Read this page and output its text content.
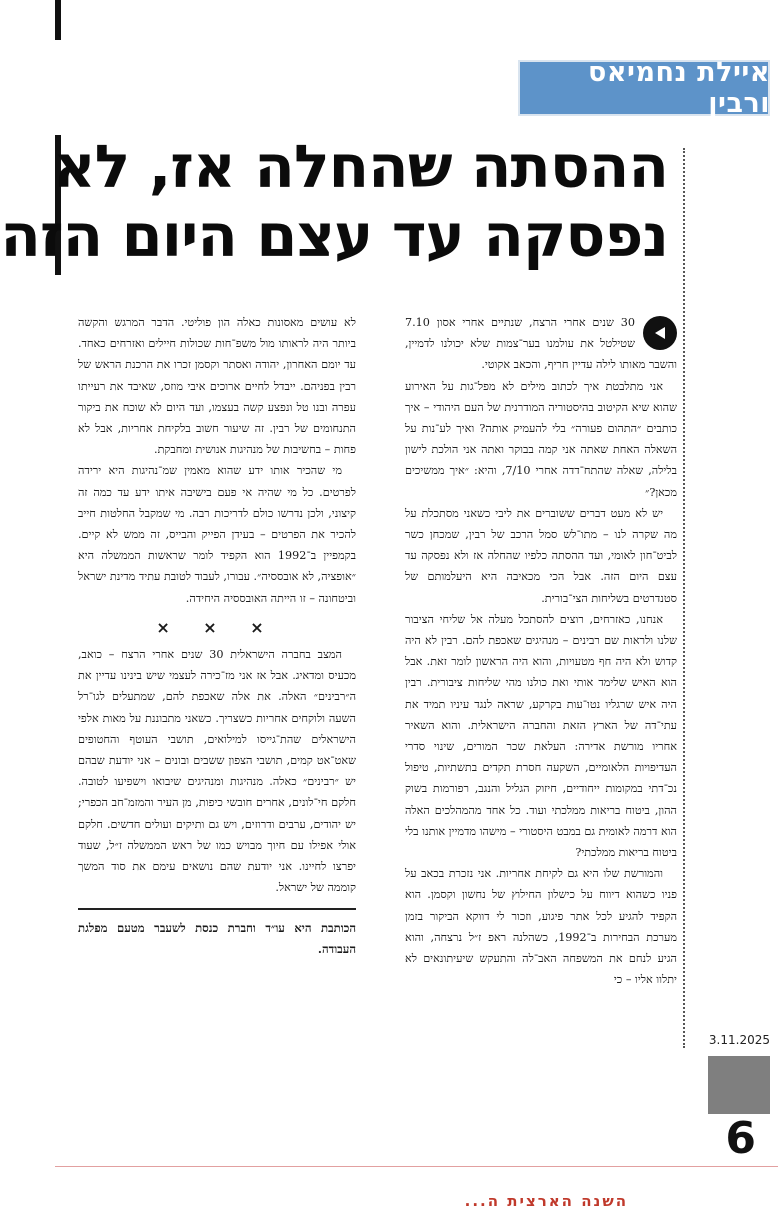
איילת נחמיאס ורבין
ההסתה שהחלה אז, לא
נפסקה עד עצם היום הזה

30 שנים אחרי הרצח, שנתיים אחרי אסון 7.10 שטילטל את עולמנו בער־צמות שלא יכולנו לדמיין, והשבר מאותו לילה עדיין חריף, והכאב אקוטי.

אני מתלבטת איך לכתוב מילים לא מפל־גות על האירוע שהוא שיא הקיטוב בהיסטוריה המודרנית של העם היהודי – איך כותבים ״התהום פעורה״ בלי להעמיק אותה? ואיך לע־נות על השאלה האחת שאתה אני קמה בבוקר ואתה אני הולכת לישון בלילה, שאלה שהתח־דדה אחרי 7/10, והיא: ״איך ממשיכים מכאן?״

יש לא מעט דברים ששוברים את ליבי כשאני מסתכלת על מה שקרה לנו – מתו־לש סמל הרכב של רבין, שמכחן כשר לביט־חון לאומי, ועד ההסתה כלפיו שהחלה אז ולא נפסקה עד עצם היום הזה. אבל הכי מכאיבה היא היעלמותם של סטנדרטים בשליחות הצי־בורית.

אנחנו, כאזרחים, רוצים להסתכל מעלה אל שליחי הציבור שלנו ולראות שם רבינים – מנהיגים שאכפת להם. רבין לא היה קדוש ולא היה חף מטעויות, והוא היה הראשון לומר זאת. אבל הוא האיש שלימד אותי ואת כולנו מהי שליחות ציבורית. רבין היה איש שרגליו נטו־עות בקרקע, שראה לנגד עיניו תמיד את עתי־דה של הארץ הזאת והחברה הישראלית. והוא השאיר אחריו מורשת אדירה: העלאת שכר המורים, שינוי סדרי העדיפויות הלאומיים, השקעה חסרת תקדים בתשתיות, טיפול נכ־דתי במקומות ייחודיים, חיזוק הגליל והנגב, רפורמות בשוק ההון, ביטוח בריאות ממלכתי ועוד. כל אחד מהמהלכים האלה הוא דרמה לאומית גם במבט היסטורי – מישהו מדמיין אותנו בלי ביטוח בריאות ממלכתי?

והמורשת שלו היא גם לקיחת אחריות. אני נזכרת בכאב על פניו כשהוא דיווח על כישלון החילוץ של נחשון וקסמן. הוא הקפיד להגיע לכל אתר פיגוע, וזכור לי דווקא הביקור בזמן מערכת הבחירות ב־1992, כשהלנה ראפ ז״ל נרצחה, והוא הגיע לנחם את המשפחה האב־לה והתעקש שיעיתונאים לא יתלוו אליו – כי

לא עושים מאסונות כאלה הון פוליטי. הדבר המרגש והקשה ביותר היה לראותו מול משפ־חות שכולות חיילים ואזרחים כאחד. עד יומם האחרון, יהודה ואסתר וקסמן זכרו את הרכנת הראש של רבין בפניהם. ייבדל לחיים ארוכים איבי מוזס, שאיבד את רעייתו עפרה ובנו טל ונפצע קשה בעצמו, ועד היום לא שוכח את ביקור התנחומים של רבין. זה שיעור חשוב בלקיחת אחריות, אבל לא פחות – בחשיבות של מנהיגות אנושית ומחבקת.

מי שהכיר אותו ידע שהוא מאמין שמ־נהיגות היא ירידה לפרטים. כל מי שהיה אי פעם בישיבה איתו ידע עד כמה זה קיצוני, ולכן נדרשו כולם לדריכות רבה. מי שמקבל החלטות חייב להכיר את הפרטים – בעידן הפייק והבייס, זה ממש לא קיים. בקמפיין ב־1992 הוא הקפיד לומר שראשות הממשלה היא ״אופציה, לא אובססיה״. עבורו, לעבוד לטובת עתיד מדינת ישראל וביטחונה – זו הייתה האובססיה היחידה.

× × ×

המצב בחברה הישראלית 30 שנים אחרי הרצח – כואב, מכעיס ומדאיג. אבל אז אני מז־כירה לעצמי שיש בינינו עדיין את ה״רבינים״ האלה. את אלה שאכפת להם, שמתעלים לגו־רל השעה ולוקחים אחריות כשצריך. כשאני מתבוננת על מאות אלפי הישראלים שהת־גייסו למילואים, תושבי העוטף והחטופים שאט־אט קמים, תושבי הצפון ששבים ובונים – אני יודעת שבהם יש ״רבינים״ כאלה. מנהיגות ומנהיגים שיבואו וישפיעו לטובה. חלקם חי־לונים, אחרים חובשי כיפות, מן העיר והמזמ־חב הכפרי; יש יהודים, ערבים ודרוזים, ויש גם ותיקים ועולים חדשים. חלקם אולי אפילו עם חיוך מבויש כמו של ראש הממשלה ז״ל, שעוד יפרצו לחיינו. אני יודעת שהם נושאים עימם את סוד המשך קוממה של ישראל.

הכותבת היא עו״ד וחברת כנסת לשעבר מטעם מפלגת העבודה.
3.11.2025
6
השנה הארצית ה...
